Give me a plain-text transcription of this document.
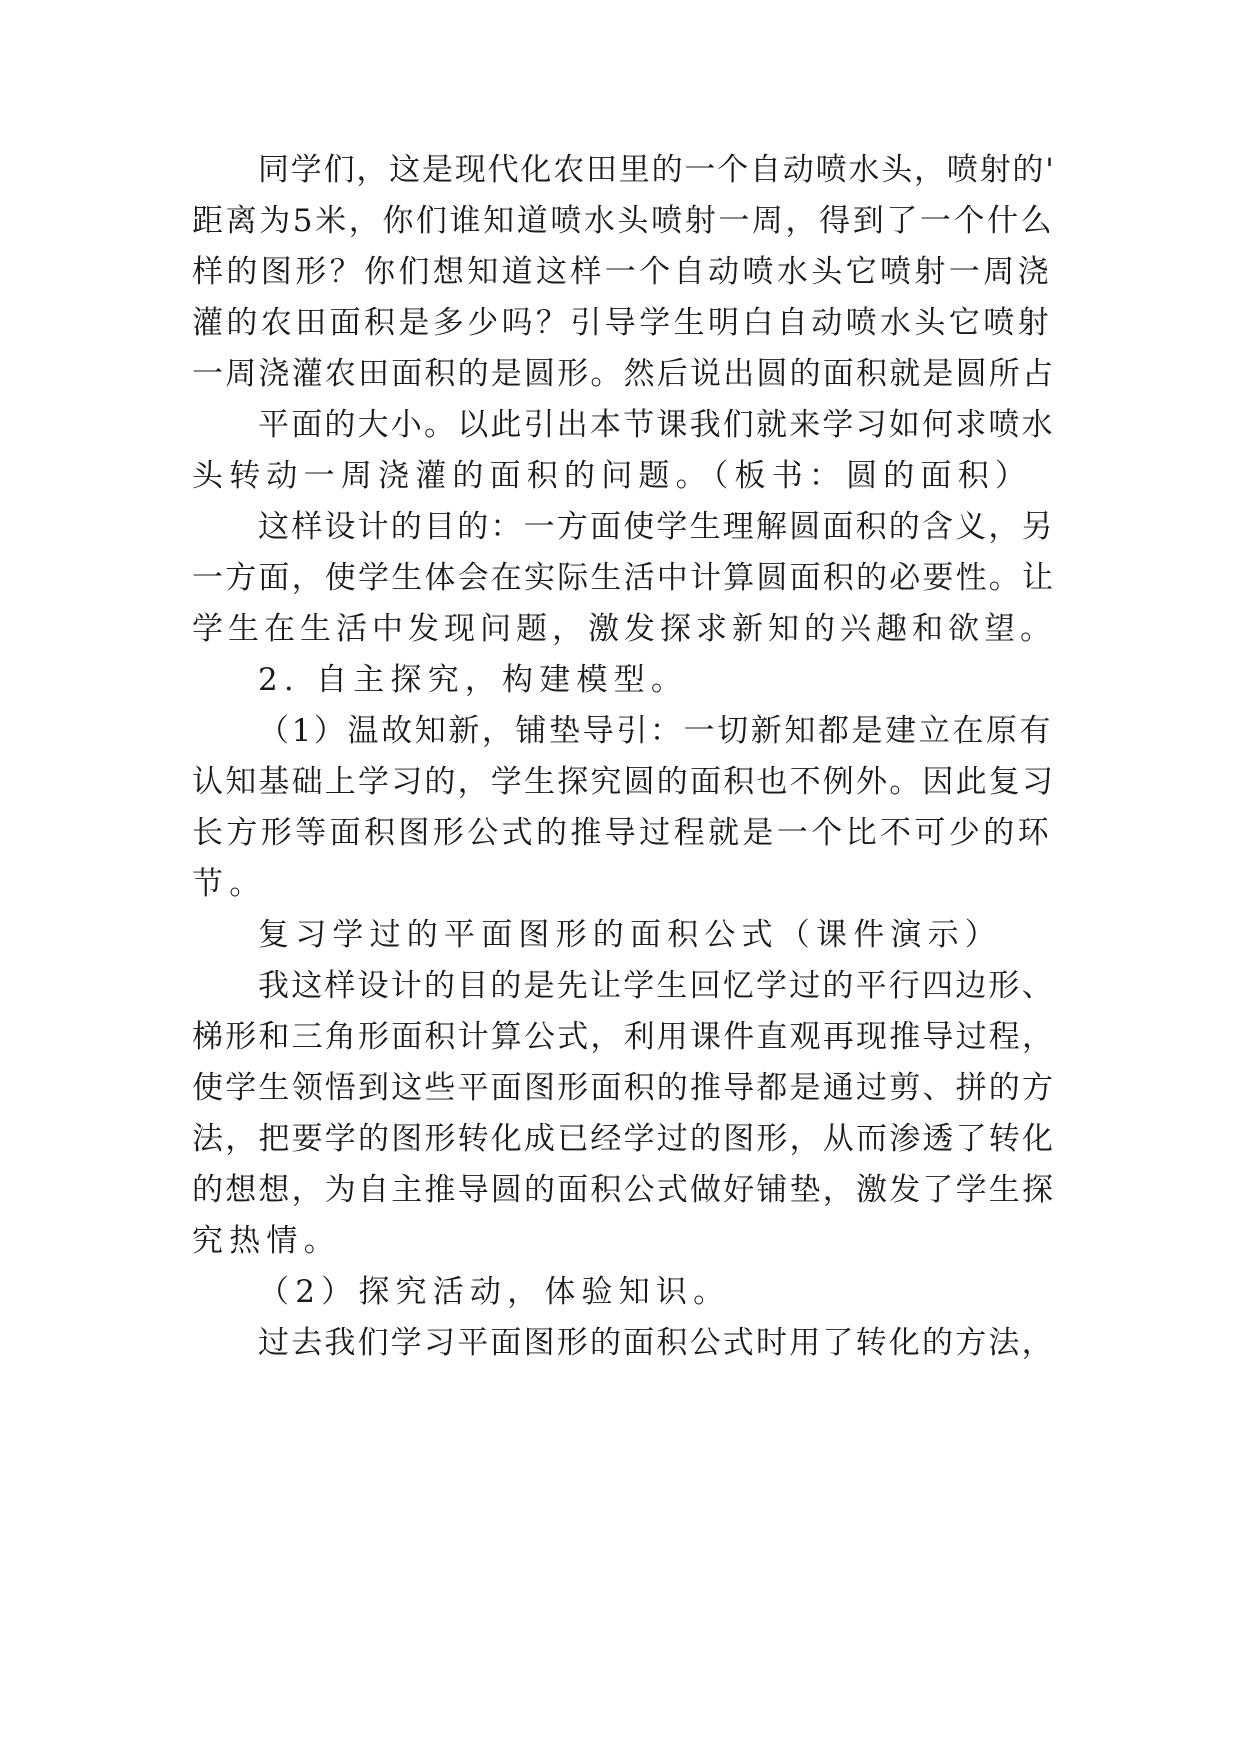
同学们，这是现代化农田里的一个自动喷水头，喷射的'
距离为5米，你们谁知道喷水头喷射一周，得到了一个什么
样的图形？你们想知道这样一个自动喷水头它喷射一周浇
灌的农田面积是多少吗？引导学生明白自动喷水头它喷射
一周浇灌农田面积的是圆形。然后说出圆的面积就是圆所占
平面的大小。以此引出本节课我们就来学习如何求喷水
头转动一周浇灌的面积的问题。（板书：圆的面积）
这样设计的目的：一方面使学生理解圆面积的含义，另
一方面，使学生体会在实际生活中计算圆面积的必要性。让
学生在生活中发现问题，激发探求新知的兴趣和欲望。
2. 自主探究，构建模型。
（1）温故知新，铺垫导引：一切新知都是建立在原有
认知基础上学习的，学生探究圆的面积也不例外。因此复习
长方形等面积图形公式的推导过程就是一个比不可少的环
节。
复习学过的平面图形的面积公式（课件演示）
我这样设计的目的是先让学生回忆学过的平行四边形、
梯形和三角形面积计算公式，利用课件直观再现推导过程，
使学生领悟到这些平面图形面积的推导都是通过剪、拼的方
法，把要学的图形转化成已经学过的图形，从而渗透了转化
的想想，为自主推导圆的面积公式做好铺垫，激发了学生探
究热情。
（2）探究活动，体验知识。
过去我们学习平面图形的面积公式时用了转化的方法，
